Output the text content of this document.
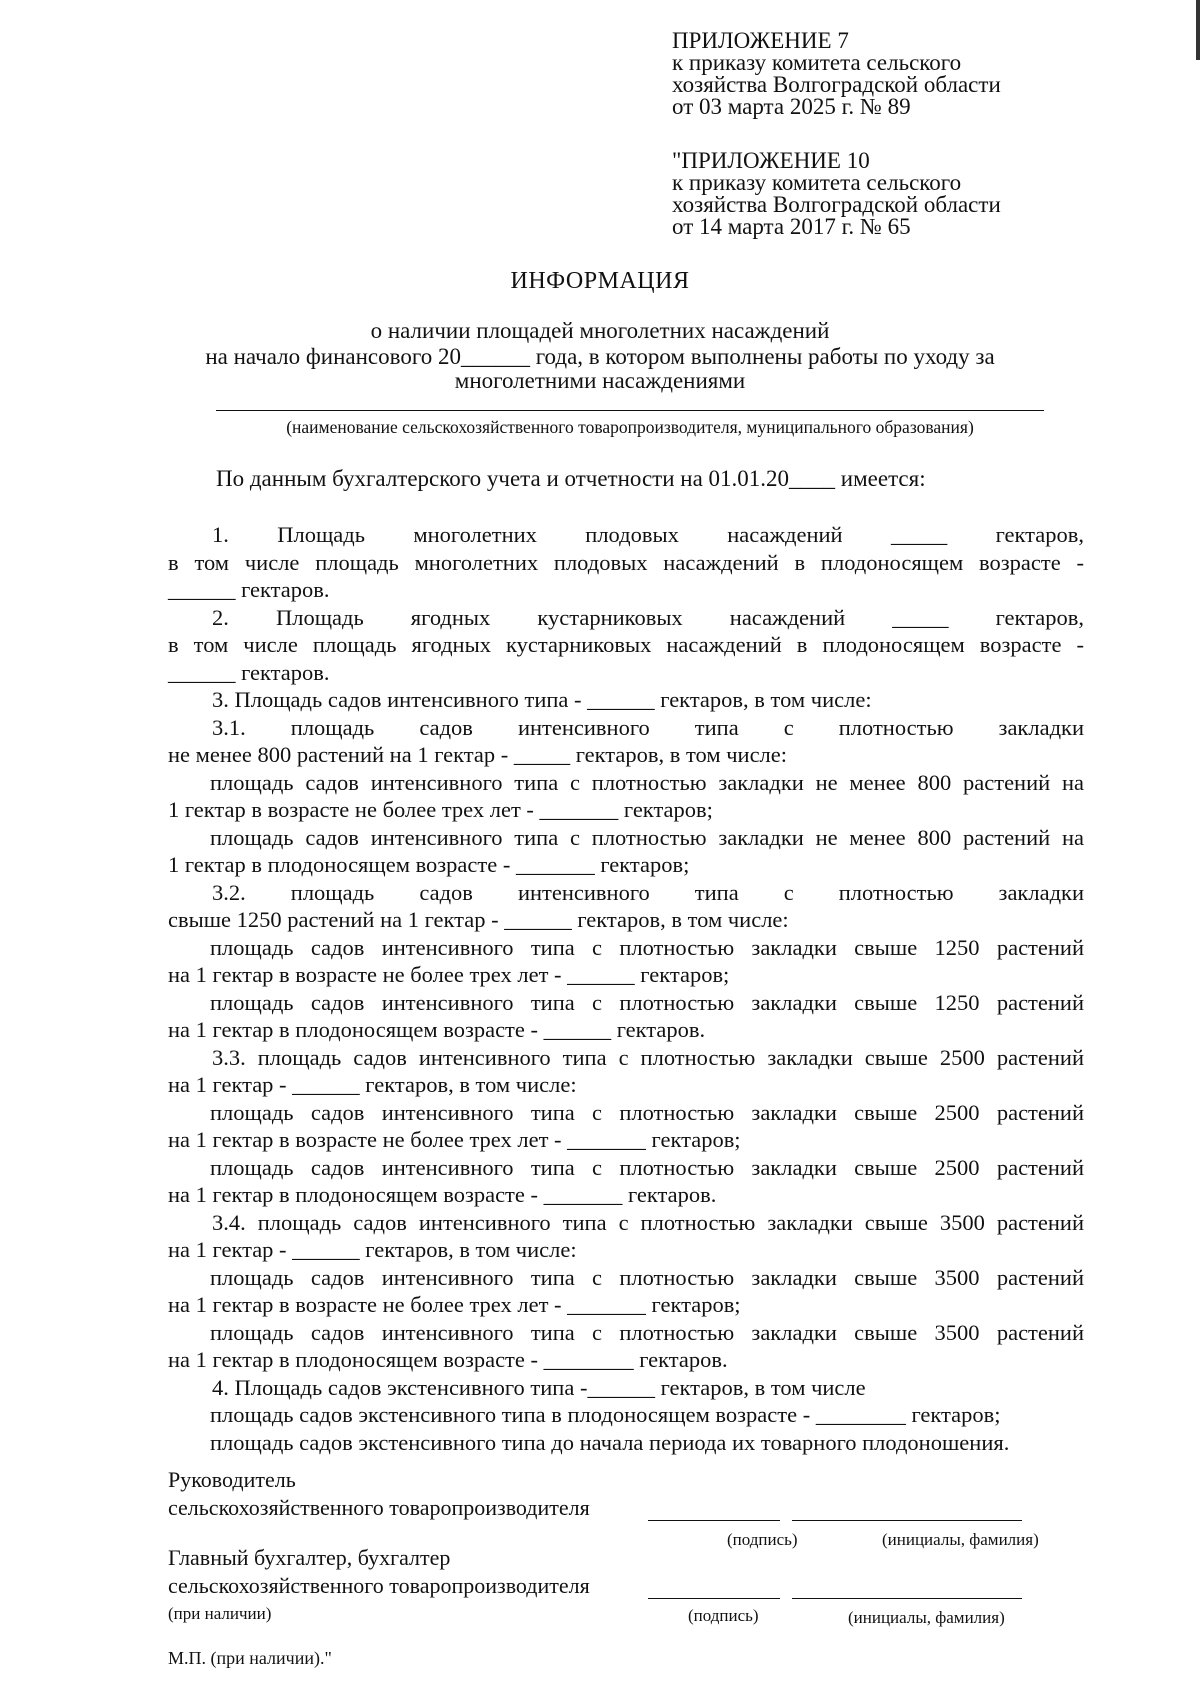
ПРИЛОЖЕНИЕ 7
к приказу комитета сельского
хозяйства Волгоградской области
от 03 марта 2025 г. № 89
"ПРИЛОЖЕНИЕ 10
к приказу комитета сельского
хозяйства Волгоградской области
от 14 марта 2017 г. № 65
ИНФОРМАЦИЯ
о наличии площадей многолетних насаждений
на начало финансового 20______ года, в котором выполнены работы по уходу за
многолетними насаждениями
(наименование сельскохозяйственного товаропроизводителя, муниципального образования)
По данным бухгалтерского учета и отчетности на 01.01.20____ имеется:
1. Площадь многолетних плодовых насаждений _____ гектаров,
в том числе площадь многолетних плодовых насаждений в плодоносящем возрасте -
______ гектаров.
2. Площадь ягодных кустарниковых насаждений _____ гектаров,
в том числе площадь ягодных кустарниковых насаждений в плодоносящем возрасте -
______ гектаров.
3. Площадь садов интенсивного типа - ______ гектаров, в том числе:
3.1. площадь садов интенсивного типа с плотностью закладки
не менее 800 растений на 1 гектар - _____ гектаров, в том числе:
площадь садов интенсивного типа с плотностью закладки не менее 800 растений на
1 гектар в возрасте не более трех лет - _______ гектаров;
площадь садов интенсивного типа с плотностью закладки не менее 800 растений на
1 гектар в плодоносящем возрасте - _______ гектаров;
3.2. площадь садов интенсивного типа с плотностью закладки
свыше 1250 растений на 1 гектар - ______ гектаров, в том числе:
площадь садов интенсивного типа с плотностью закладки свыше 1250 растений
на 1 гектар в возрасте не более трех лет - ______ гектаров;
площадь садов интенсивного типа с плотностью закладки свыше 1250 растений
на 1 гектар в плодоносящем возрасте - ______ гектаров.
3.3. площадь садов интенсивного типа с плотностью закладки свыше 2500 растений
на 1 гектар - ______ гектаров, в том числе:
площадь садов интенсивного типа с плотностью закладки свыше 2500 растений
на 1 гектар в возрасте не более трех лет - _______ гектаров;
площадь садов интенсивного типа с плотностью закладки свыше 2500 растений
на 1 гектар в плодоносящем возрасте - _______ гектаров.
3.4. площадь садов интенсивного типа с плотностью закладки свыше 3500 растений
на 1 гектар - ______ гектаров, в том числе:
площадь садов интенсивного типа с плотностью закладки свыше 3500 растений
на 1 гектар в возрасте не более трех лет - _______ гектаров;
площадь садов интенсивного типа с плотностью закладки свыше 3500 растений
на 1 гектар в плодоносящем возрасте - ________ гектаров.
4. Площадь садов экстенсивного типа -______ гектаров, в том числе
площадь садов экстенсивного типа в плодоносящем возрасте - ________ гектаров;
площадь садов экстенсивного типа до начала периода их товарного плодоношения.
Руководитель
сельскохозяйственного товаропроизводителя
(подпись)	(инициалы, фамилия)
Главный бухгалтер, бухгалтер
сельскохозяйственного товаропроизводителя
(при наличии)	(подпись)	(инициалы, фамилия)
М.П. (при наличии)."
